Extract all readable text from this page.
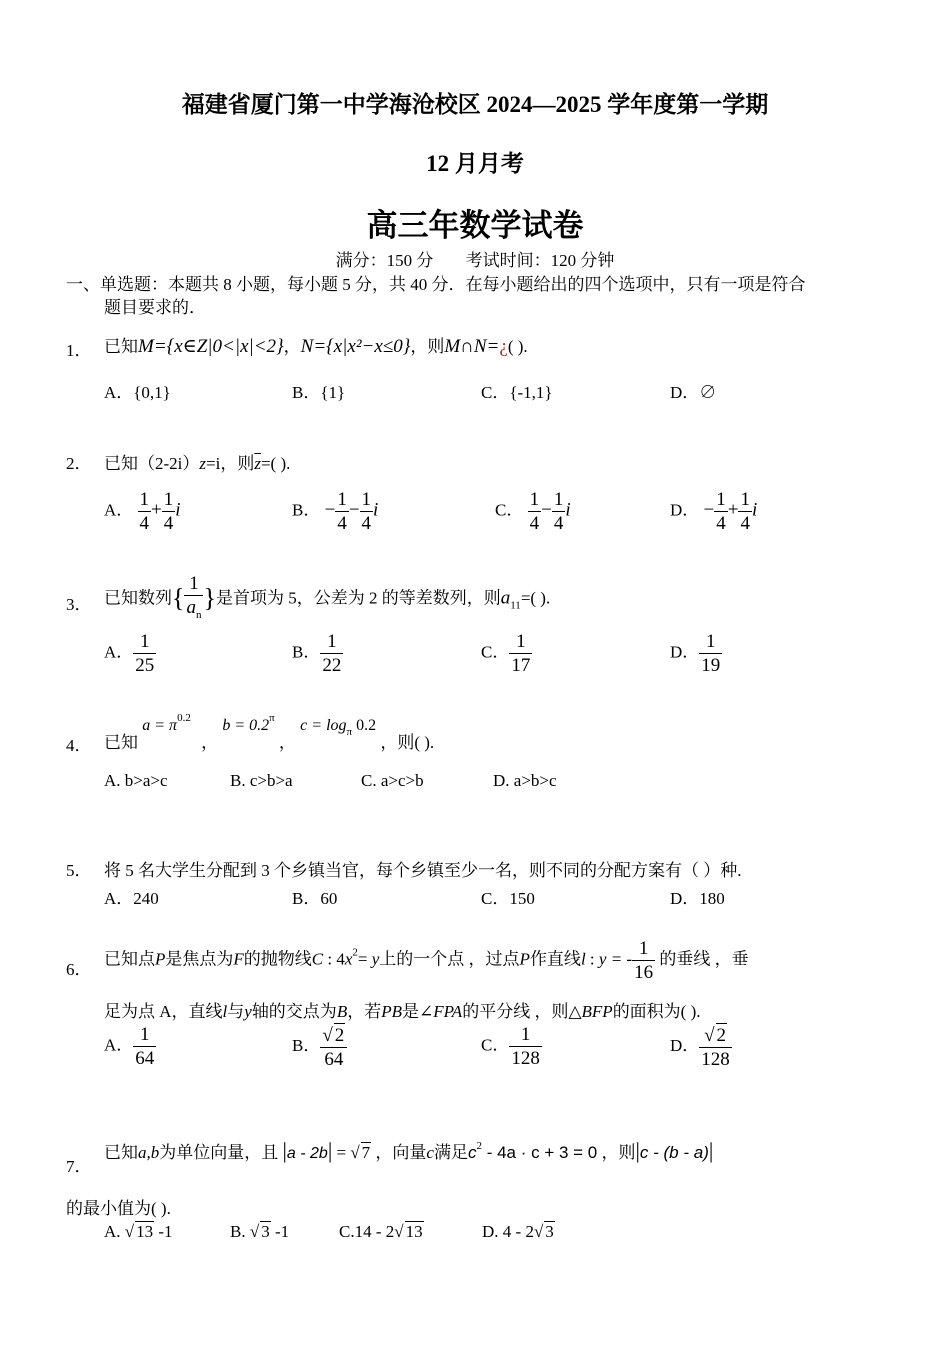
福建省厦门第一中学海沧校区 2024—2025 学年度第一学期
12 月月考
高三年数学试卷
满分：150 分 考试时间：120 分钟
一、单选题：本题共 8 小题，每小题 5 分，共 40 分．在每小题给出的四个选项中，只有一项是符合
题目要求的．
1． 已知M={x∈Z|0<|x|<2}，N={x|x²−x≤0}，则M∩N=¿( ).
A．{0,1}	B．{1}	C．{-1,1}	D．∅
2． 已知（2-2i）z=i，则$\overline{z}=$( ).
A． $\frac{1}{4} + \frac{1}{4}$ i	B． − $\frac{1}{4} - \frac{1}{4}$ i	C． $\frac{1}{4} - \frac{1}{4}$ i	D． − $\frac{1}{4} + \frac{1}{4}$ i
3． 已知数列{ $\frac{1}{a_n}$ }是首项为 5，公差为 2 的等差数列，则$a_{11}=$( ).
A． $\frac{1}{25}$	B． $\frac{1}{22}$	C． $\frac{1}{17}$	D． $\frac{1}{19}$
4． 已知 $a = \pi^{0.2}$ ， $b = 0.2^\pi$ ， $c = \log_\pi 0.2$ ，则( ).
A. b>a>c	B. c>b>a	C. a>c>b	D. a>b>c
5． 将 5 名大学生分配到 3 个乡镇当官，每个乡镇至少一名，则不同的分配方案有（ ）种.
A．240	B．60	C．150	D．180
6．
已知点P是焦点为F的抛物线C : $4x^2= y$上的一个点 ，过点P作直线l : y = - $\frac{1}{16}$ 的垂线 ，垂
足为点 A，直线l与y轴的交点为B，若PB是∠FPA的平分线 ，则△BFP的面积为( ).
A． $\frac{1}{64}$	B． $\frac{√ 2}{64}$	C． $\frac{1}{128}$	D． $\frac{√ 2}{128}$
7．
已知a,b为单位向量，且 |a - 2b| = √ 7 ，向量c满足$c^2 - 4a \cdot c + 3 = 0$ ，则|c - (b - a)|
的最小值为( ).
A. √ 13 -1	B. √ 3 -1	C.14 - 2√ 13	D. 4 - 2√ 3
